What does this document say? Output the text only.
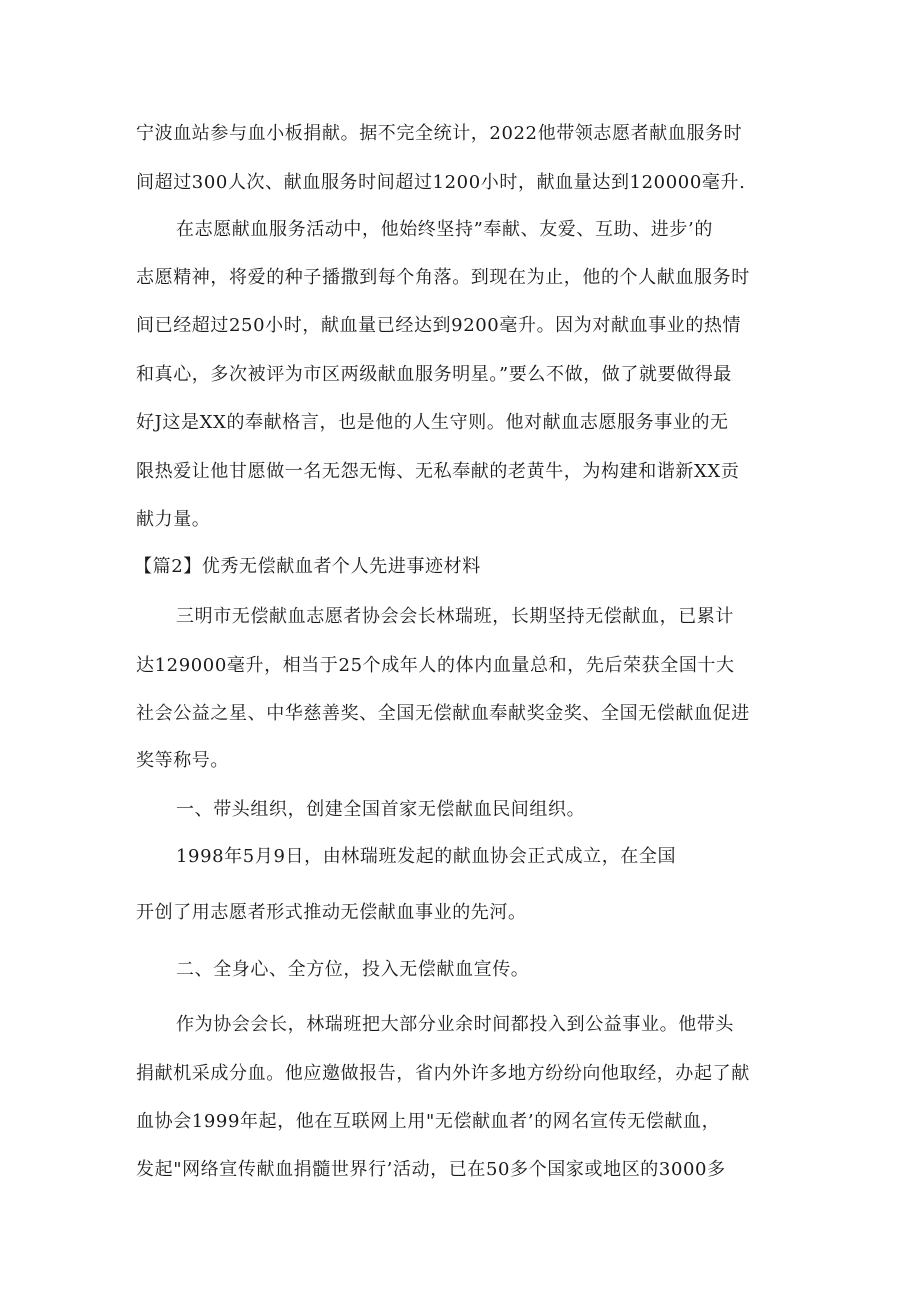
宁波血站参与血小板捐献。据不完全统计，2022他带领志愿者献血服务时
间超过300人次、献血服务时间超过1200小时，献血量达到120000毫升.
在志愿献血服务活动中，他始终坚持”奉献、友爱、互助、进步’的
志愿精神，将爱的种子播撒到每个角落。到现在为止，他的个人献血服务时
间已经超过250小时，献血量已经达到9200毫升。因为对献血事业的热情
和真心，多次被评为市区两级献血服务明星。”要么不做，做了就要做得最
好J这是XX的奉献格言，也是他的人生守则。他对献血志愿服务事业的无
限热爱让他甘愿做一名无怨无悔、无私奉献的老黄牛，为构建和谐新XX贡
献力量。
【篇2】优秀无偿献血者个人先进事迹材料
三明市无偿献血志愿者协会会长林瑞班，长期坚持无偿献血，已累计
达129000毫升，相当于25个成年人的体内血量总和，先后荣获全国十大
社会公益之星、中华慈善奖、全国无偿献血奉献奖金奖、全国无偿献血促进
奖等称号。
一、带头组织，创建全国首家无偿献血民间组织。
1998年5月9日，由林瑞班发起的献血协会正式成立，在全国
开创了用志愿者形式推动无偿献血事业的先河。
二、全身心、全方位，投入无偿献血宣传。
作为协会会长，林瑞班把大部分业余时间都投入到公益事业。他带头
捐献机采成分血。他应邀做报告，省内外许多地方纷纷向他取经，办起了献
血协会1999年起，他在互联网上用"无偿献血者’的网名宣传无偿献血，
发起"网络宣传献血捐髓世界行’活动，已在50多个国家或地区的3000多
